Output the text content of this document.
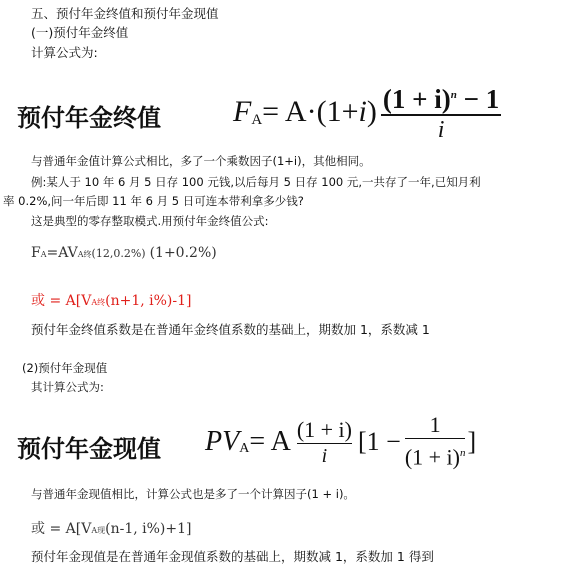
五、预付年金终值和预付年金现值
(一)预付年金终值
计算公式为:
预付年金终值 F A = A·(1+ i ) $\frac{(1 + i)^n - 1}{i}$
与普通年金值计算公式相比，多了一个乘数因子(1+i)，其他相同。
例:某人于 10 年 6 月 5 日存 100 元钱,以后每月 5 日存 100 元,一共存了一年,已知月利
率 0.2%,问一年后即 11 年 6 月 5 日可连本带利拿多少钱?
这是典型的零存整取模式.用预付年金终值公式:
FA=AVA终(12,0.2%) (1+0.2%)
或 = A[VA终(n+1, i%)-1]
预付年金终值系数是在普通年金终值系数的基础上，期数加 1，系数减 1
(2)预付年金现值
其计算公式为:
预付年金现值 PV A = A $\frac{(1 + i)}{i} [1 - \frac{1}{(1 + i)^n}$ ]
与普通年金现值相比，计算公式也是多了一个计算因子(1 + i)。
或 = A[VA现(n-1, i%)+1]
预付年金现值是在普通年金现值系数的基础上，期数减 1，系数加 1 得到
